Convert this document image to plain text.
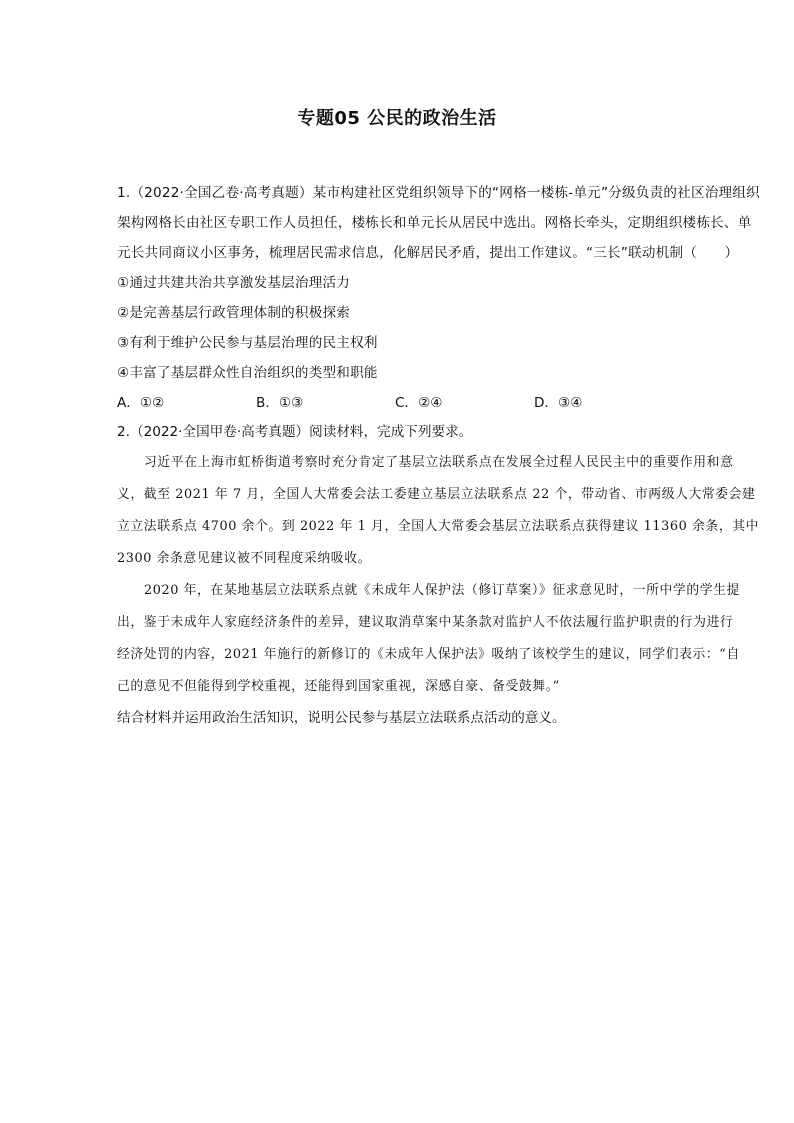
专题05 公民的政治生活
1.（2022·全国乙卷·高考真题）某市构建社区党组织领导下的“网格一楼栋-单元”分级负责的社区治理组织
架构网格长由社区专职工作人员担任，楼栋长和单元长从居民中选出。网格长牵头，定期组织楼栋长、单
元长共同商议小区事务，梳理居民需求信息，化解居民矛盾，提出工作建议。“三长”联动机制（　　）
①通过共建共治共享激发基层治理活力
②是完善基层行政管理体制的积极探索
③有利于维护公民参与基层治理的民主权利
④丰富了基层群众性自治组织的类型和职能
A．①②	B．①③	C．②④	D．③④
2.（2022·全国甲卷·高考真题）阅读材料，完成下列要求。
习近平在上海市虹桥街道考察时充分肯定了基层立法联系点在发展全过程人民民主中的重要作用和意
义，截至 2021 年 7 月，全国人大常委会法工委建立基层立法联系点 22 个，带动省、市两级人大常委会建
立立法联系点 4700 余个。到 2022 年 1 月，全国人大常委会基层立法联系点获得建议 11360 余条，其中
2300 余条意见建议被不同程度采纳吸收。
2020 年，在某地基层立法联系点就《未成年人保护法（修订草案）》征求意见时，一所中学的学生提
出，鉴于未成年人家庭经济条件的差异，建议取消草案中某条款对监护人不依法履行监护职责的行为进行
经济处罚的内容，2021 年施行的新修订的《未成年人保护法》吸纳了该校学生的建议，同学们表示：“自
己的意见不但能得到学校重视，还能得到国家重视，深感自豪、备受鼓舞。”
结合材料并运用政治生活知识，说明公民参与基层立法联系点活动的意义。
